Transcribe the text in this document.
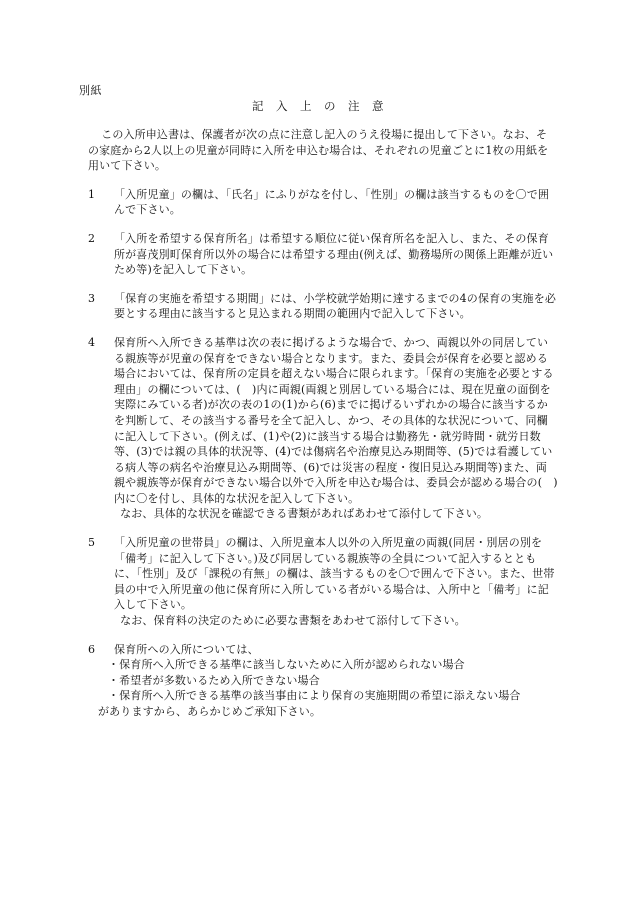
別紙
記　入　上　の　注　意

この入所申込書は、保護者が次の点に注意し記入のうえ役場に提出して下さい。なお、その家庭から2人以上の児童が同時に入所を申込む場合は、それぞれの児童ごとに1枚の用紙を用いて下さい。

1	「入所児童」の欄は、「氏名」にふりがなを付し、「性別」の欄は該当するものを〇で囲んで下さい。
2	「入所を希望する保育所名」は希望する順位に従い保育所名を記入し、また、その保育所が喜茂別町保育所以外の場合には希望する理由(例えば、勤務場所の関係上距離が近いため等)を記入して下さい。
3	「保育の実施を希望する期間」には、小学校就学始期に達するまでの4の保育の実施を必要とする理由に該当すると見込まれる期間の範囲内で記入して下さい。
4	保育所へ入所できる基準は次の表に掲げるような場合で、かつ、両親以外の同居している親族等が児童の保育をできない場合となります。また、委員会が保育を必要と認める場合においては、保育所の定員を超えない場合に限られます。「保育の実施を必要とする理由」の欄については、(　)内に両親(両親と別居している場合には、現在児童の面倒を実際にみている者)が次の表の1の(1)から(6)までに掲げるいずれかの場合に該当するかを判断して、その該当する番号を全て記入し、かつ、その具体的な状況について、同欄に記入して下さい。(例えば、(1)や(2)に該当する場合は勤務先・就労時間・就労日数等、(3)では親の具体的状況等、(4)では傷病名や治療見込み期間等、(5)では看護している病人等の病名や治療見込み期間等、(6)では災害の程度・復旧見込み期間等)また、両親や親族等が保育ができない場合以外で入所を申込む場合は、委員会が認める場合の(　)内に〇を付し、具体的な状況を記入して下さい。

なお、具体的な状況を確認できる書類があればあわせて添付して下さい。

5	「入所児童の世帯員」の欄は、入所児童本人以外の入所児童の両親(同居・別居の別を「備考」に記入して下さい。)及び同居している親族等の全員について記入するとともに、「性別」及び「課税の有無」の欄は、該当するものを〇で囲んで下さい。また、世帯員の中で入所児童の他に保育所に入所している者がいる場合は、入所中と「備考」に記入して下さい。

なお、保育料の決定のために必要な書類をあわせて添付して下さい。

6	保育所への入所については、
・ 保育所へ入所できる基準に該当しないために入所が認められない場合
・ 希望者が多数いるため入所できない場合
・ 保育所へ入所できる基準の該当事由により保育の実施期間の希望に添えない場合

がありますから、あらかじめご承知下さい。
